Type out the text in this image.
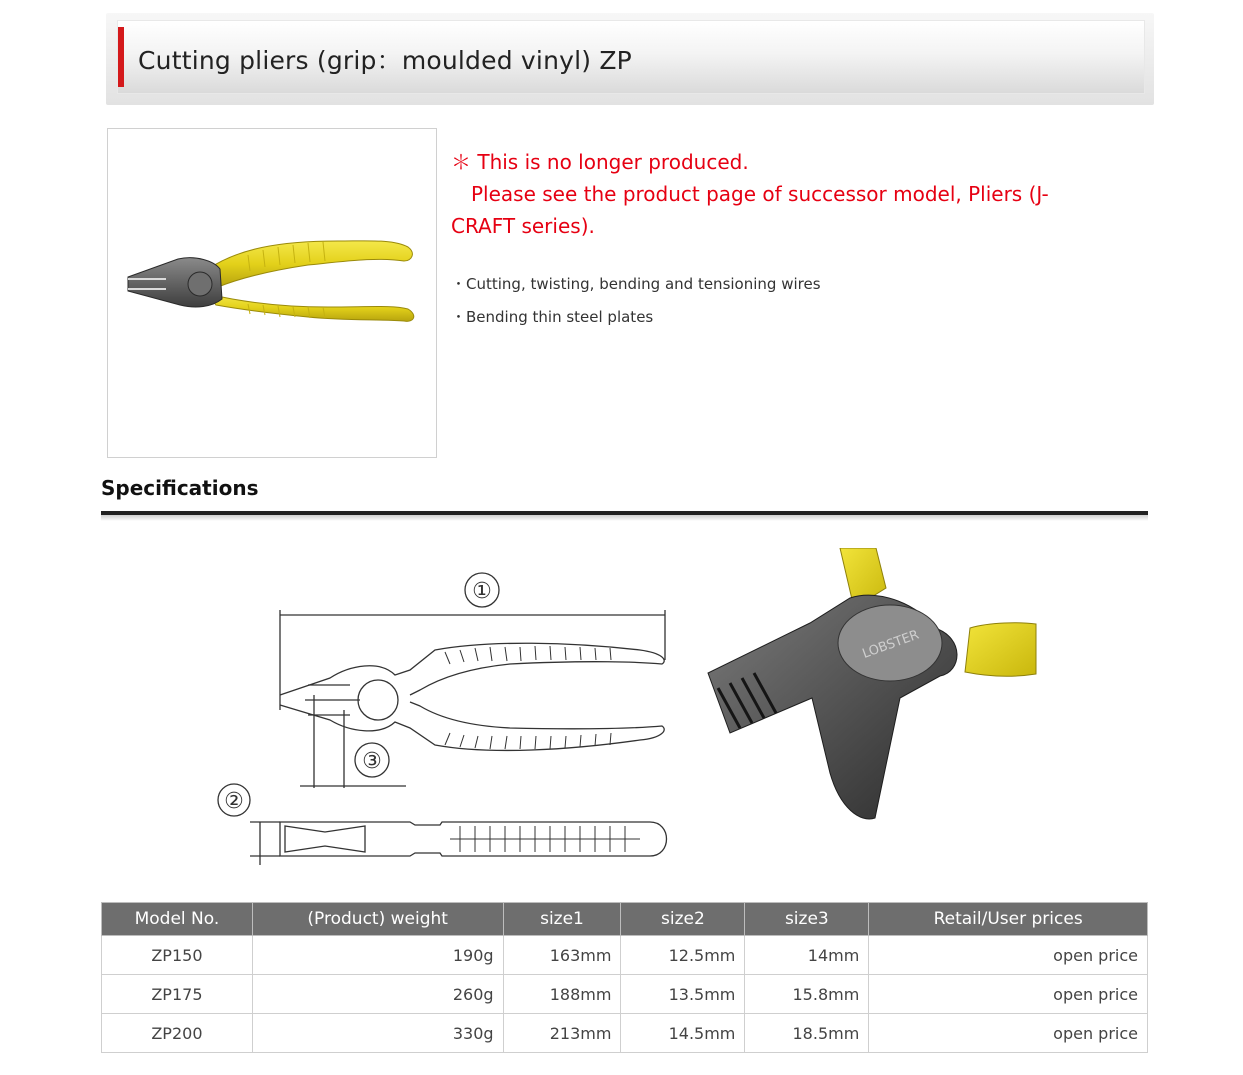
Cutting pliers (grip：moulded vinyl) ZP
＊ This is no longer produced.
　Please see the product page of successor model, Pliers (J-
CRAFT series).
・Cutting, twisting, bending and tensioning wires
・Bending thin steel plates
Specifications
①
③
②
LOBSTER
Model No.	(Product) weight	size1	size2	size3	Retail/User prices
ZP150	190g	163mm	12.5mm	14mm	open price
ZP175	260g	188mm	13.5mm	15.8mm	open price
ZP200	330g	213mm	14.5mm	18.5mm	open price
